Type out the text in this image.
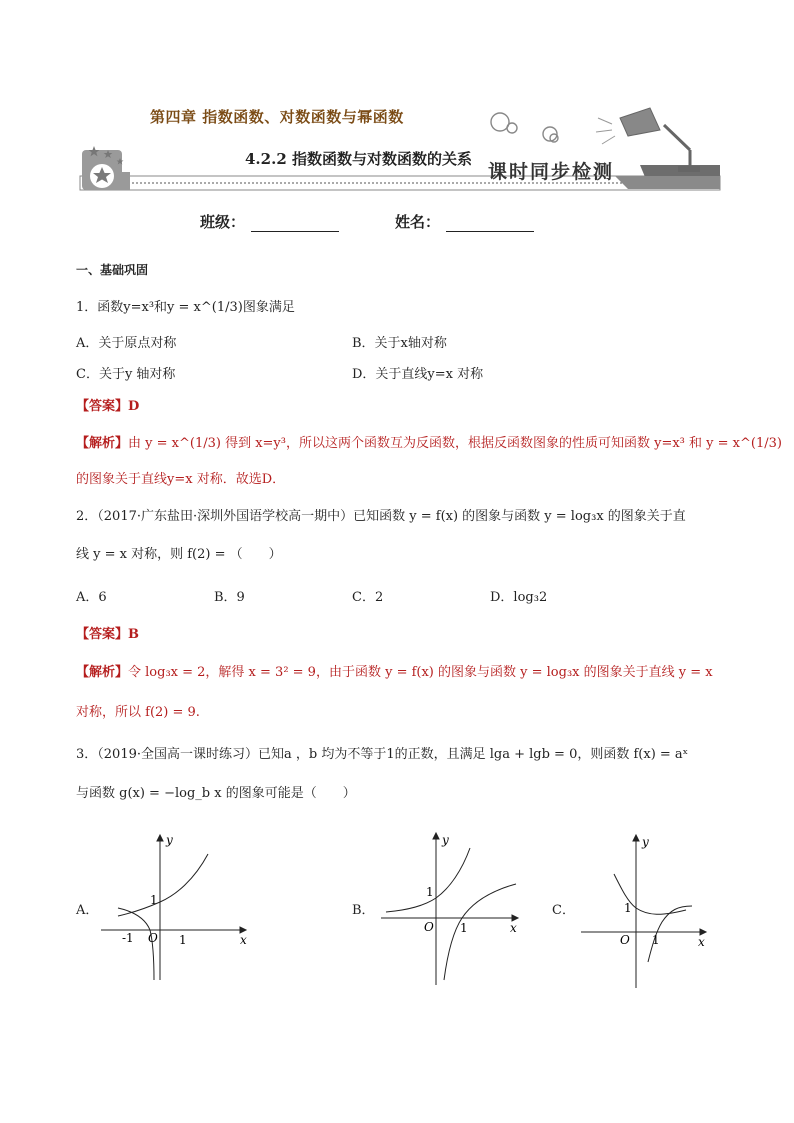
第四章 指数函数、对数函数与幂函数
4.2.2 指数函数与对数函数的关系
课时同步检测
班级：	姓名：
一、基础巩固
1．函数y=x³和y = x^(1/3)图象满足
A．关于原点对称	B．关于x轴对称
C．关于y 轴对称	D．关于直线y=x 对称
【答案】D
【解析】由 y = x^(1/3) 得到 x=y³，所以这两个函数互为反函数，根据反函数图象的性质可知函数 y=x³ 和 y = x^(1/3)
的图象关于直线y=x 对称．故选D．
2．（2017·广东盐田·深圳外国语学校高一期中）已知函数 y = f(x) 的图象与函数 y = log₃x 的图象关于直
线 y = x 对称，则 f(2) = （　　）
A．6	B．9	C．2	D．log₃2
【答案】B
【解析】令 log₃x = 2，解得 x = 3² = 9，由于函数 y = f(x) 的图象与函数 y = log₃x 的图象关于直线 y = x
对称，所以 f(2) = 9.
3．（2019·全国高一课时练习）已知a ，b 均为不等于1的正数，且满足 lga + lgb = 0，则函数 f(x) = aˣ
与函数 g(x) = −log_b x 的图象可能是（　　）
A．
y
x
O
1
1
-1
B．
y
x
O
1
1
C．
y
x
O
1
1
